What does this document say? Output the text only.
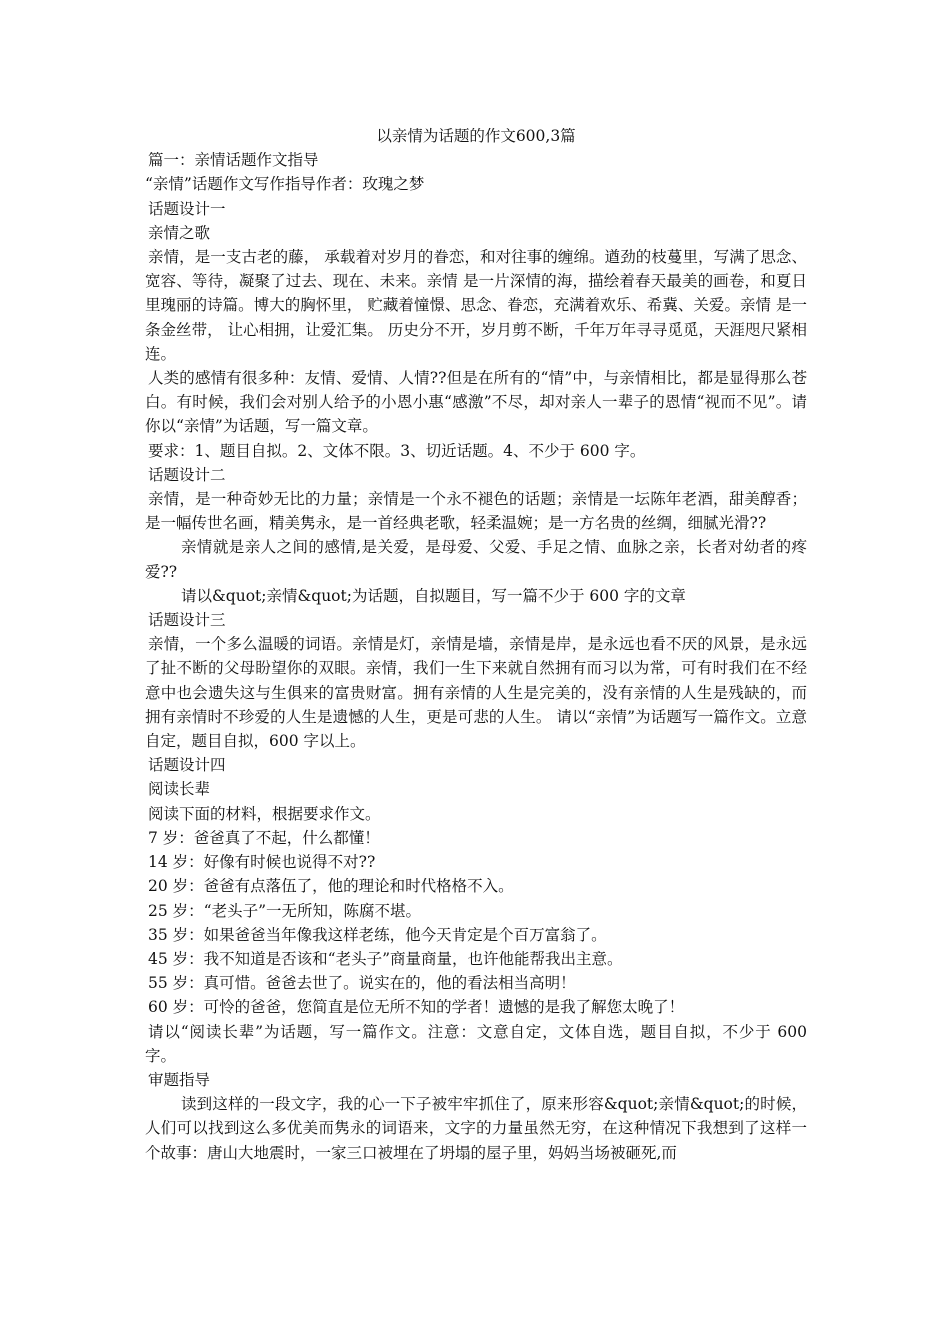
以亲情为话题的作文600,3篇

篇一：亲情话题作文指导

“亲情”话题作文写作指导作者：玫瑰之梦

话题设计一

亲情之歌

亲情，是一支古老的藤， 承载着对岁月的眷恋，和对往事的缠绵。遒劲的枝蔓里，写满了思念、宽容、等待，凝聚了过去、现在、未来。亲情 是一片深情的海，描绘着春天最美的画卷，和夏日里瑰丽的诗篇。博大的胸怀里， 贮藏着憧憬、思念、眷恋，充满着欢乐、希冀、关爱。亲情 是一条金丝带， 让心相拥，让爱汇集。 历史分不开，岁月剪不断，千年万年寻寻觅觅，天涯咫尺紧相连。

人类的感情有很多种：友情、爱情、人情??但是在所有的“情”中，与亲情相比，都是显得那么苍白。有时候，我们会对别人给予的小恩小惠“感激”不尽，却对亲人一辈子的恩情“视而不见”。请你以“亲情”为话题，写一篇文章。

要求：1、题目自拟。2、文体不限。3、切近话题。4、不少于 600 字。

话题设计二

亲情，是一种奇妙无比的力量；亲情是一个永不褪色的话题；亲情是一坛陈年老酒，甜美醇香；是一幅传世名画，精美隽永，是一首经典老歌，轻柔温婉；是一方名贵的丝绸，细腻光滑??

亲情就是亲人之间的感情,是关爱，是母爱、父爱、手足之情、血脉之亲，长者对幼者的疼爱??

请以&quot;亲情&quot;为话题，自拟题目，写一篇不少于 600 字的文章

话题设计三

亲情，一个多么温暖的词语。亲情是灯，亲情是墙，亲情是岸，是永远也看不厌的风景，是永远了扯不断的父母盼望你的双眼。亲情，我们一生下来就自然拥有而习以为常，可有时我们在不经意中也会遗失这与生俱来的富贵财富。拥有亲情的人生是完美的，没有亲情的人生是残缺的，而拥有亲情时不珍爱的人生是遗憾的人生，更是可悲的人生。 请以“亲情”为话题写一篇作文。立意自定，题目自拟，600 字以上。

话题设计四

阅读长辈

阅读下面的材料，根据要求作文。

7 岁：爸爸真了不起，什么都懂！

14 岁：好像有时候也说得不对??

20 岁：爸爸有点落伍了，他的理论和时代格格不入。

25 岁：“老头子”一无所知，陈腐不堪。

35 岁：如果爸爸当年像我这样老练，他今天肯定是个百万富翁了。

45 岁：我不知道是否该和“老头子”商量商量，也许他能帮我出主意。

55 岁：真可惜。爸爸去世了。说实在的，他的看法相当高明！

60 岁：可怜的爸爸，您简直是位无所不知的学者！遗憾的是我了解您太晚了！

请以“阅读长辈”为话题，写一篇作文。注意：文意自定，文体自选，题目自拟，不少于 600 字。

审题指导

读到这样的一段文字，我的心一下子被牢牢抓住了，原来形容&quot;亲情&quot;的时候，人们可以找到这么多优美而隽永的词语来，文字的力量虽然无穷，在这种情况下我想到了这样一个故事：唐山大地震时，一家三口被埋在了坍塌的屋子里，妈妈当场被砸死,而
